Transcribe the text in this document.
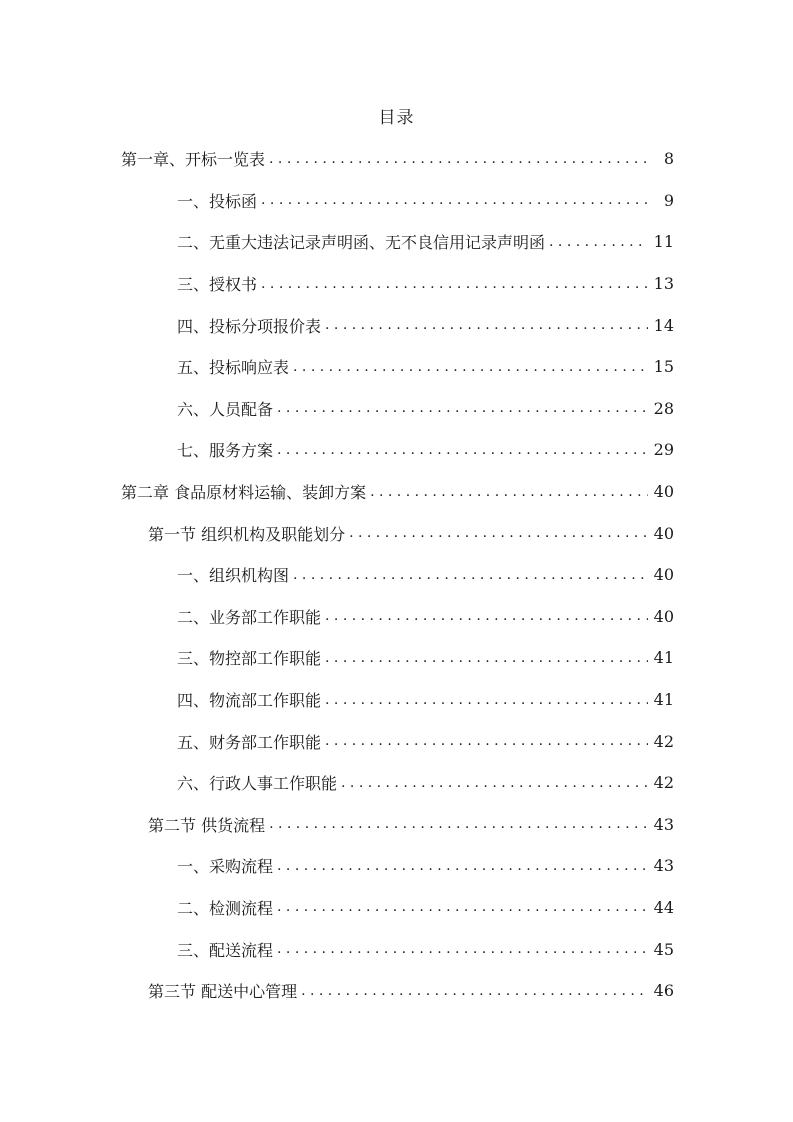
目录
第一章、开标一览表 . . .	8
一、投标函 . . .	9
二、无重大违法记录声明函、无不良信用记录声明函 . . .	11
三、授权书 . . .	13
四、投标分项报价表 . . .	14
五、投标响应表 . . .	15
六、人员配备 . . .	28
七、服务方案 . . .	29
第二章 食品原材料运输、装卸方案 . . .	40
第一节 组织机构及职能划分 . . .	40
一、组织机构图 . . .	40
二、业务部工作职能 . . .	40
三、物控部工作职能 . . .	41
四、物流部工作职能 . . .	41
五、财务部工作职能 . . .	42
六、行政人事工作职能 . . .	42
第二节 供货流程 . . .	43
一、采购流程 . . .	43
二、检测流程 . . .	44
三、配送流程 . . .	45
第三节 配送中心管理 . . .	46
